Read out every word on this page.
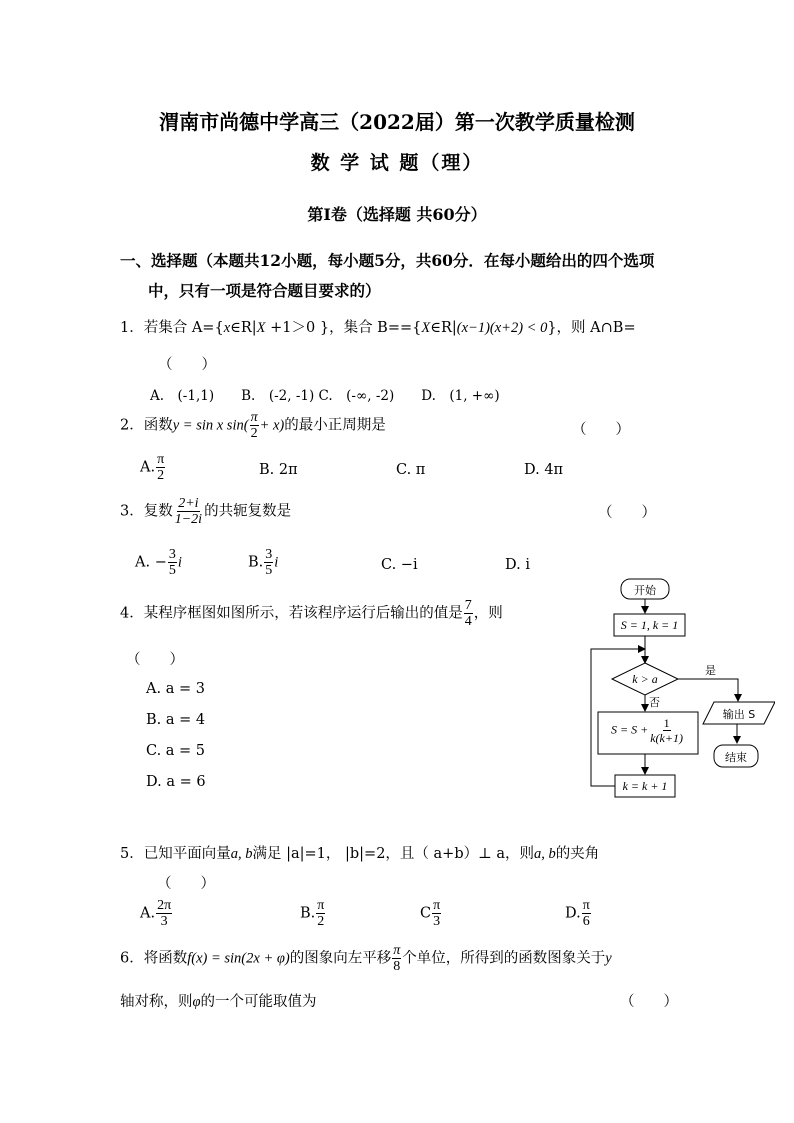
渭南市尚德中学高三（2022届）第一次教学质量检测
数 学 试 题（理）
第Ⅰ卷（选择题 共60分）
一、选择题（本题共12小题，每小题5分，共60分．在每小题给出的四个选项
中，只有一项是符合题目要求的）
1．若集合 A={x∈R|X +1＞0 }，集合 B=={X∈R|(x−1)(x+2) < 0}，则 A∩B=
（　　）
A.　(-1,1)　　B.　(-2, -1) C.　(-∞, -2)　　D.　(1, +∞)
2．函数y = sin x $\sin( \frac{\pi}{2} + x)$的最小正周期是	（　　）
A. $\frac{\pi}{2}$	B. 2π	C. π	D. 4π
3．复数 $\frac{2+i}{1-2i}$ 的共轭复数是	（　　）
A. − $\frac{3}{5}$ i	B. $\frac{3}{5}$ i	C. −i	D. i
4．某程序框图如图所示，若该程序运行后输出的值是 $\frac{7}{4}$ ，则
（　　）
A. a = 3
B. a = 4
C. a = 5
D. a = 6
开始
S = 1, k = 1
k > a
是
否
$S = S + \frac{1}{k(k+1)}$
输出 S
结束
k = k + 1
5．已知平面向量a, b满足 |a|=1， |b|=2，且（ a+b）⊥ a，则a, b的夹角
（　　）
A. $\frac{2\pi}{3}$	B. $\frac{\pi}{2}$	C $\frac{\pi}{3}$	D. $\frac{\pi}{6}$
6．将函数f(x) = sin(2x + φ)的图象向左平移 $\frac{\pi}{8}$ 个单位，所得到的函数图象关于y
轴对称，则φ的一个可能取值为	（　　）
